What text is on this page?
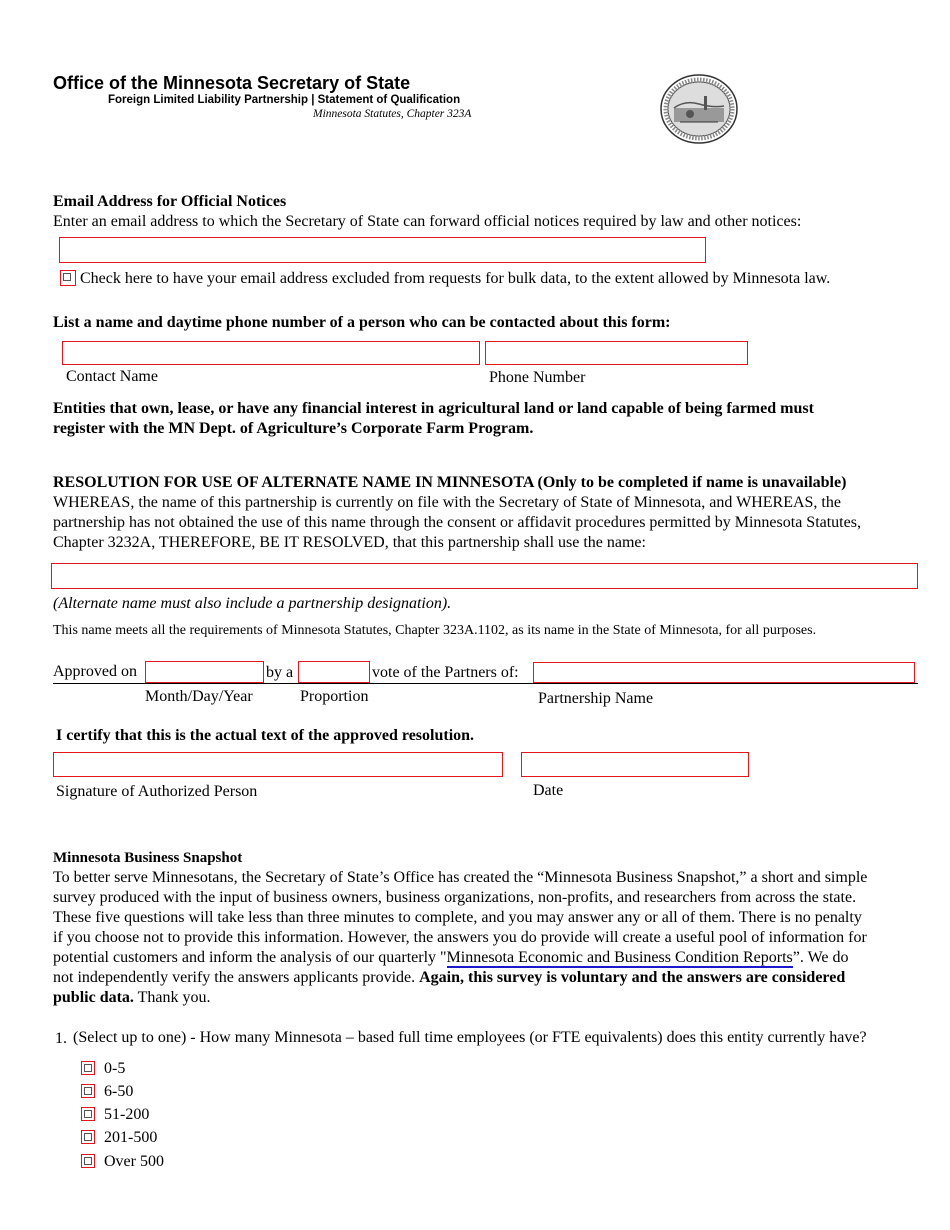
Office of the Minnesota Secretary of State
Foreign Limited Liability Partnership | Statement of Qualification
Minnesota Statutes, Chapter 323A
Email Address for Official Notices
Enter an email address to which the Secretary of State can forward official notices required by law and other notices:
Check here to have your email address excluded from requests for bulk data, to the extent allowed by Minnesota law.
List a name and daytime phone number of a person who can be contacted about this form:
Contact Name	Phone Number
Entities that own, lease, or have any financial interest in agricultural land or land capable of being farmed must
register with the MN Dept. of Agriculture’s Corporate Farm Program.
RESOLUTION FOR USE OF ALTERNATE NAME IN MINNESOTA (Only to be completed if name is unavailable)
WHEREAS, the name of this partnership is currently on file with the Secretary of State of Minnesota, and WHEREAS, the
partnership has not obtained the use of this name through the consent or affidavit procedures permitted by Minnesota Statutes,
Chapter 3232A, THEREFORE, BE IT RESOLVED, that this partnership shall use the name:
(Alternate name must also include a partnership designation).
This name meets all the requirements of Minnesota Statutes, Chapter 323A.1102, as its name in the State of Minnesota, for all purposes.
Approved on	by a	vote of the Partners of:
Month/Day/Year	Proportion	Partnership Name
I certify that this is the actual text of the approved resolution.
Signature of Authorized Person	Date
Minnesota Business Snapshot
To better serve Minnesotans, the Secretary of State’s Office has created the “Minnesota Business Snapshot,” a short and simple
survey produced with the input of business owners, business organizations, non-profits, and researchers from across the state.
These five questions will take less than three minutes to complete, and you may answer any or all of them. There is no penalty
if you choose not to provide this information. However, the answers you do provide will create a useful pool of information for
potential customers and inform the analysis of our quarterly "Minnesota Economic and Business Condition Reports”. We do
not independently verify the answers applicants provide. Again, this survey is voluntary and the answers are considered
public data. Thank you.
1. (Select up to one) - How many Minnesota – based full time employees (or FTE equivalents) does this entity currently have?
0-5
6-50
51-200
201-500
Over 500
